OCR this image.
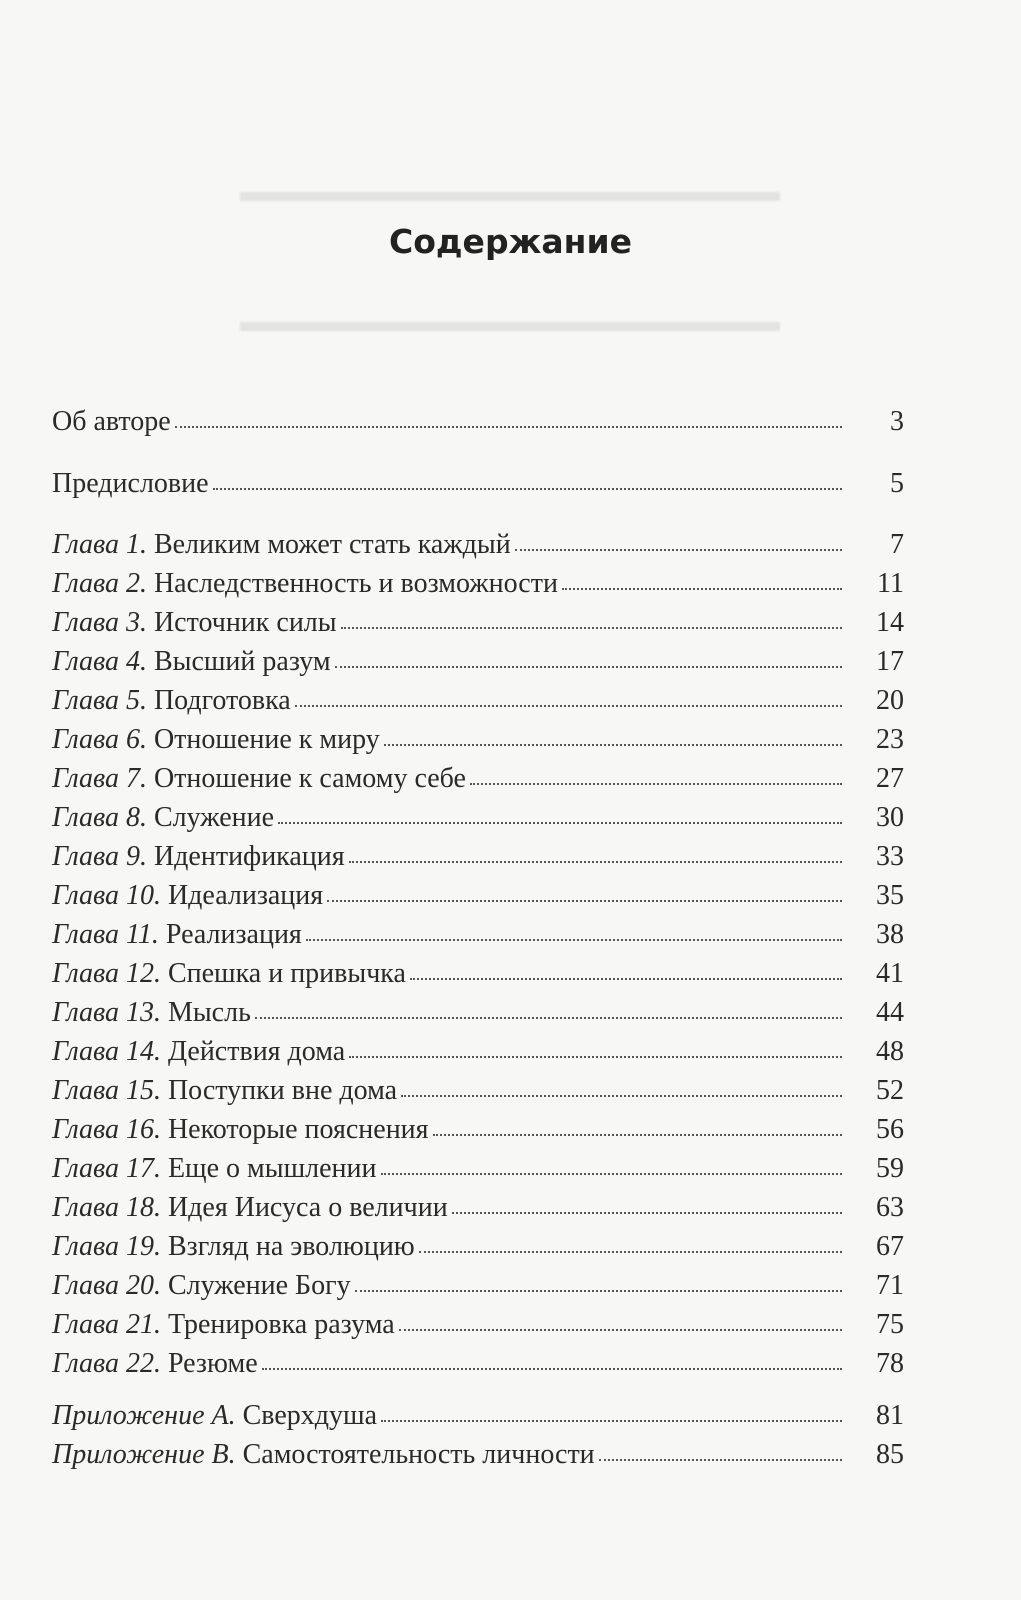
▬▬▬▬▬▬▬▬▬▬▬▬▬▬▬▬▬▬
▬▬▬▬▬▬▬▬▬▬▬▬▬▬▬▬▬▬
Содержание
Об авторе	3
Предисловие	5
Глава 1. Великим может стать каждый	7
Глава 2. Наследственность и возможности	11
Глава 3. Источник силы	14
Глава 4. Высший разум	17
Глава 5. Подготовка	20
Глава 6. Отношение к миру	23
Глава 7. Отношение к самому себе	27
Глава 8. Служение	30
Глава 9. Идентификация	33
Глава 10. Идеализация	35
Глава 11. Реализация	38
Глава 12. Спешка и привычка	41
Глава 13. Мысль	44
Глава 14. Действия дома	48
Глава 15. Поступки вне дома	52
Глава 16. Некоторые пояснения	56
Глава 17. Еще о мышлении	59
Глава 18. Идея Иисуса о величии	63
Глава 19. Взгляд на эволюцию	67
Глава 20. Служение Богу	71
Глава 21. Тренировка разума	75
Глава 22. Резюме	78
Приложение А. Сверхдуша	81
Приложение В. Самостоятельность личности	85
